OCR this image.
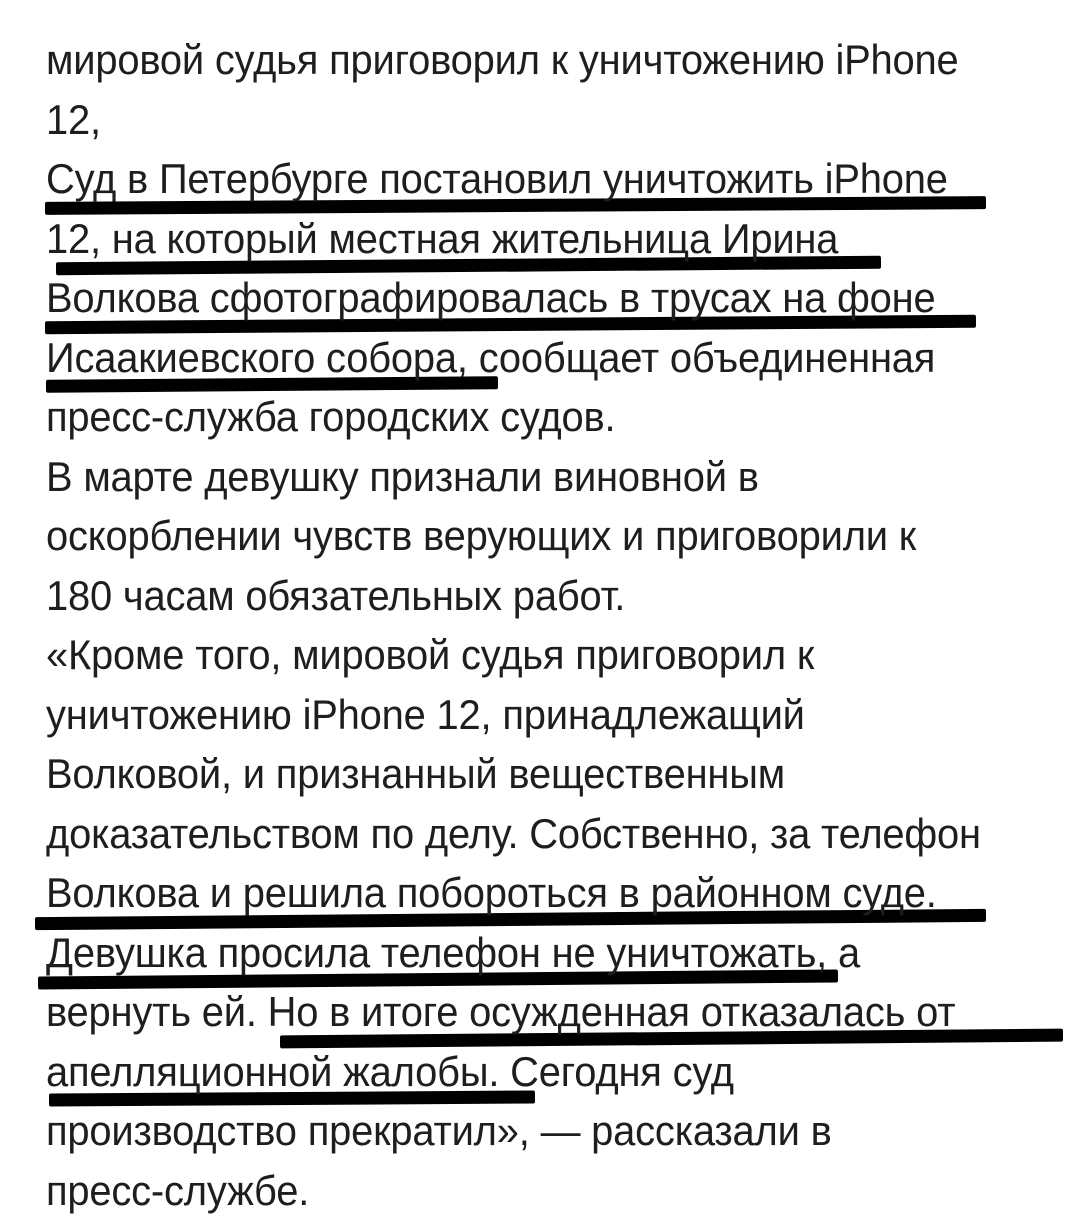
мировой судья приговорил к уничтожению iPhone
12,
Суд в Петербурге постановил уничтожить iPhone
12, на который местная жительница Ирина
Волкова сфотографировалась в трусах на фоне
Исаакиевского собора, сообщает объединенная
пресс-служба городских судов.
В марте девушку признали виновной в
оскорблении чувств верующих и приговорили к
180 часам обязательных работ.
«Кроме того, мировой судья приговорил к
уничтожению iPhone 12, принадлежащий
Волковой, и признанный вещественным
доказательством по делу. Собственно, за телефон
Волкова и решила побороться в районном суде.
Девушка просила телефон не уничтожать, а
вернуть ей. Но в итоге осужденная отказалась от
апелляционной жалобы. Сегодня суд
производство прекратил», — рассказали в
пресс-службе.
